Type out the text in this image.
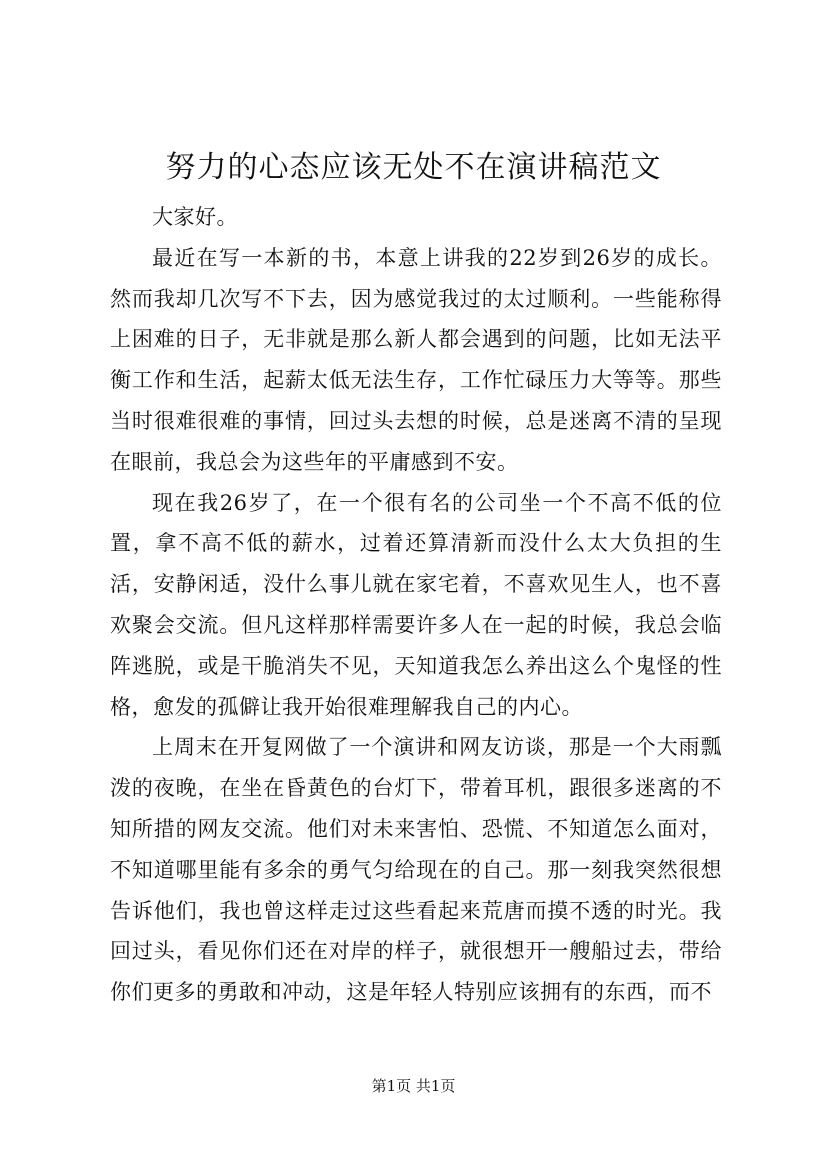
努力的心态应该无处不在演讲稿范文

大家好。

最近在写一本新的书，本意上讲我的22岁到26岁的成长。然而我却几次写不下去，因为感觉我过的太过顺利。一些能称得上困难的日子，无非就是那么新人都会遇到的问题，比如无法平衡工作和生活，起薪太低无法生存，工作忙碌压力大等等。那些当时很难很难的事情，回过头去想的时候，总是迷离不清的呈现在眼前，我总会为这些年的平庸感到不安。

现在我26岁了，在一个很有名的公司坐一个不高不低的位置，拿不高不低的薪水，过着还算清新而没什么太大负担的生活，安静闲适，没什么事儿就在家宅着，不喜欢见生人，也不喜欢聚会交流。但凡这样那样需要许多人在一起的时候，我总会临阵逃脱，或是干脆消失不见，天知道我怎么养出这么个鬼怪的性格，愈发的孤僻让我开始很难理解我自己的内心。

上周末在开复网做了一个演讲和网友访谈，那是一个大雨瓢泼的夜晚，在坐在昏黄色的台灯下，带着耳机，跟很多迷离的不知所措的网友交流。他们对未来害怕、恐慌、不知道怎么面对，不知道哪里能有多余的勇气匀给现在的自己。那一刻我突然很想告诉他们，我也曾这样走过这些看起来荒唐而摸不透的时光。我回过头，看见你们还在对岸的样子，就很想开一艘船过去，带给你们更多的勇敢和冲动，这是年轻人特别应该拥有的东西，而不

第1页 共1页
